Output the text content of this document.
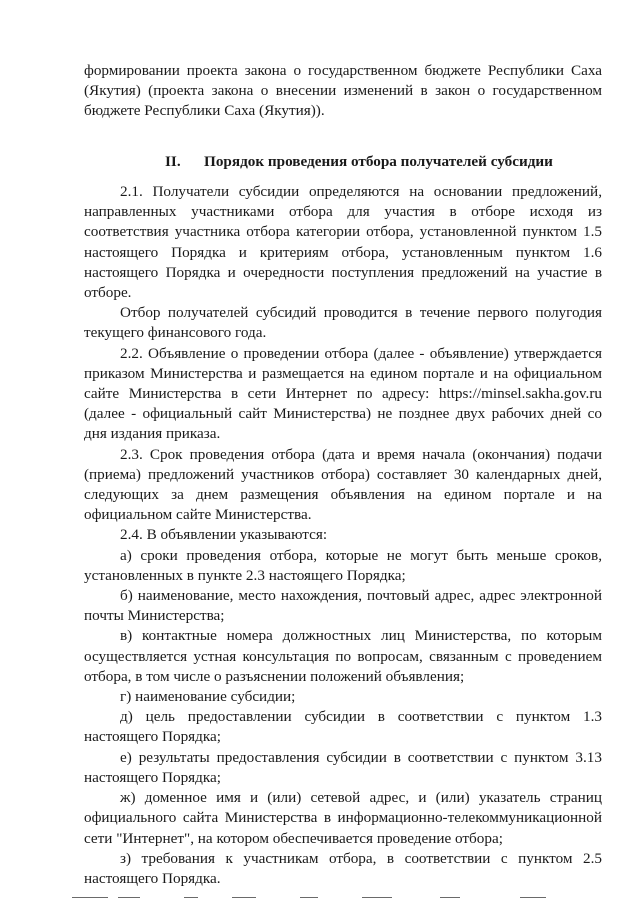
формировании проекта закона о государственном бюджете Республики Саха (Якутия) (проекта закона о внесении изменений в закон о государственном бюджете Республики Саха (Якутия)).
II. Порядок проведения отбора получателей субсидии

2.1. Получатели субсидии определяются на основании предложений, направленных участниками отбора для участия в отборе исходя из соответствия участника отбора категории отбора, установленной пунктом 1.5 настоящего Порядка и критериям отбора, установленным пунктом 1.6 настоящего Порядка и очередности поступления предложений на участие в отборе.

Отбор получателей субсидий проводится в течение первого полугодия текущего финансового года.

2.2. Объявление о проведении отбора (далее - объявление) утверждается приказом Министерства и размещается на едином портале и на официальном сайте Министерства в сети Интернет по адресу: https://minsel.sakha.gov.ru (далее - официальный сайт Министерства) не позднее двух рабочих дней со дня издания приказа.

2.3. Срок проведения отбора (дата и время начала (окончания) подачи (приема) предложений участников отбора) составляет 30 календарных дней, следующих за днем размещения объявления на едином портале и на официальном сайте Министерства.

2.4. В объявлении указываются:

а) сроки проведения отбора, которые не могут быть меньше сроков, установленных в пункте 2.3 настоящего Порядка;

б) наименование, место нахождения, почтовый адрес, адрес электронной почты Министерства;

в) контактные номера должностных лиц Министерства, по которым осуществляется устная консультация по вопросам, связанным с проведением отбора, в том числе о разъяснении положений объявления;

г) наименование субсидии;

д) цель предоставлении субсидии в соответствии с пунктом 1.3 настоящего Порядка;

е) результаты предоставления субсидии в соответствии с пунктом 3.13 настоящего Порядка;

ж) доменное имя и (или) сетевой адрес, и (или) указатель страниц официального сайта Министерства в информационно-телекоммуникационной сети "Интернет", на котором обеспечивается проведение отбора;

з) требования к участникам отбора, в соответствии с пунктом 2.5 настоящего Порядка.
